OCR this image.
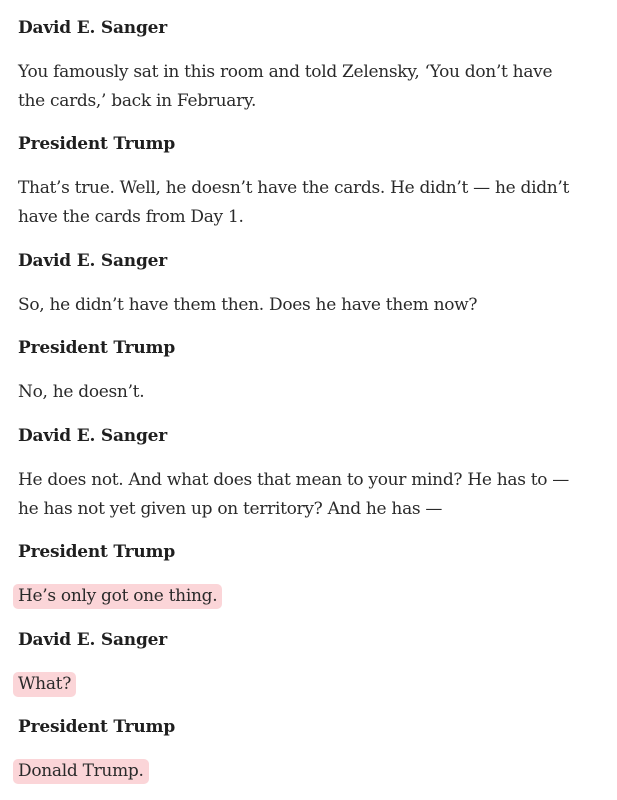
David E. Sanger
You famously sat in this room and told Zelensky, ‘You don’t have
the cards,’ back in February.
President Trump
That’s true. Well, he doesn’t have the cards. He didn’t — he didn’t
have the cards from Day 1.
David E. Sanger
So, he didn’t have them then. Does he have them now?
President Trump
No, he doesn’t.
David E. Sanger
He does not. And what does that mean to your mind? He has to —
he has not yet given up on territory? And he has —
President Trump
He’s only got one thing.
David E. Sanger
What?
President Trump
Donald Trump.
